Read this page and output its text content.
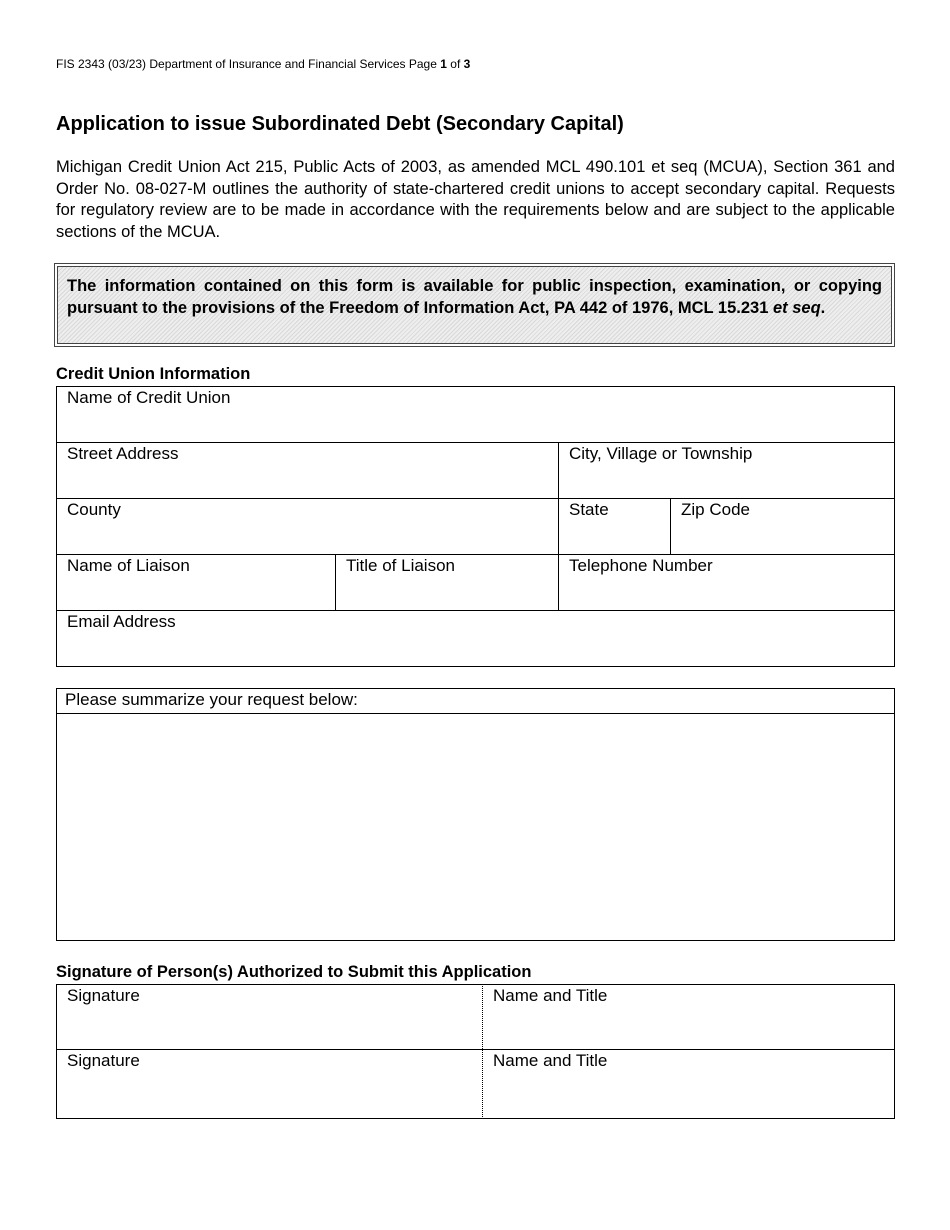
FIS 2343 (03/23) Department of Insurance and Financial Services Page 1 of 3
Application to issue Subordinated Debt (Secondary Capital)

Michigan Credit Union Act 215, Public Acts of 2003, as amended MCL 490.101 et seq (MCUA), Section 361 and Order No. 08-027-M outlines the authority of state-chartered credit unions to accept secondary capital. Requests for regulatory review are to be made in accordance with the requirements below and are subject to the applicable sections of the MCUA.

The information contained on this form is available for public inspection, examination, or copying pursuant to the provisions of the Freedom of Information Act, PA 442 of 1976, MCL 15.231 et seq.
Credit Union Information
Name of Credit Union
Street Address	City, Village or Township
County	State	Zip Code
Name of Liaison	Title of Liaison	Telephone Number
Email Address
Please summarize your request below:
Signature of Person(s) Authorized to Submit this Application
Signature	Name and Title
Signature	Name and Title
